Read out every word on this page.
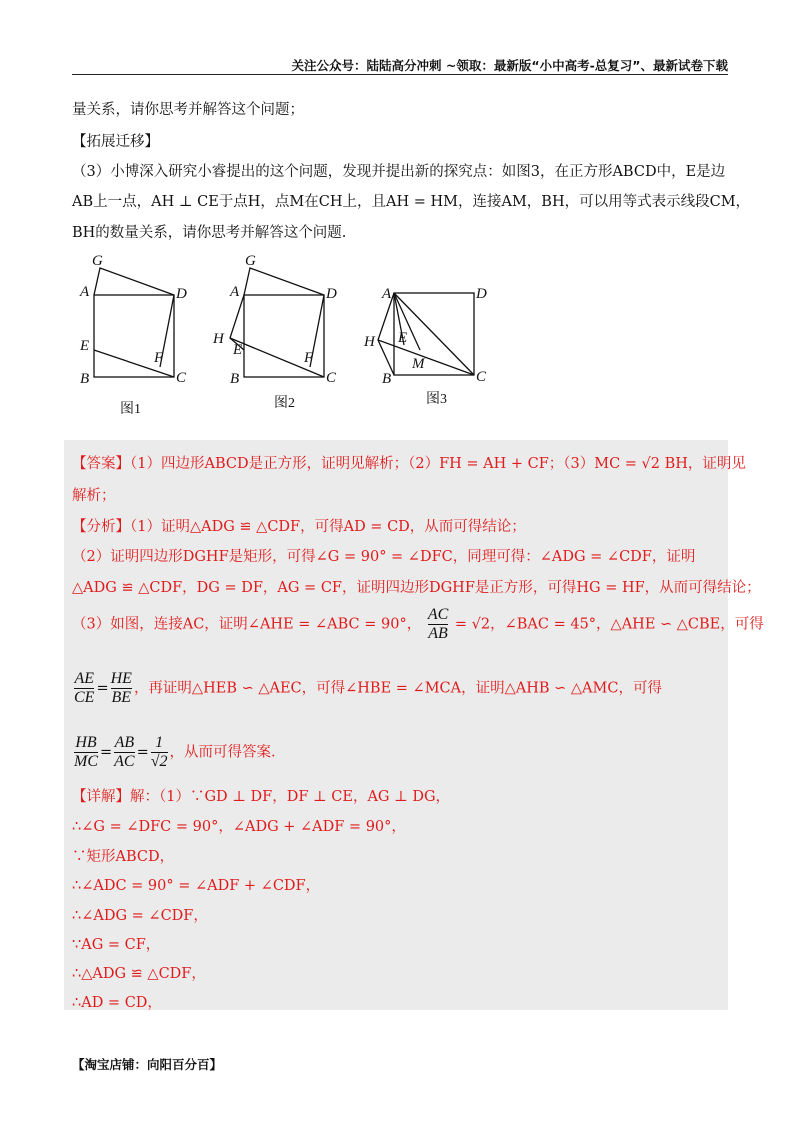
关注公众号：陆陆高分冲刺 ~领取：最新版“小中高考-总复习”、最新试卷下载
量关系，请你思考并解答这个问题；
【拓展迁移】
（3）小博深入研究小睿提出的这个问题，发现并提出新的探究点：如图3，在正方形ABCD中，E是边
AB上一点，AH ⊥ CE于点H，点M在CH上，且AH = HM，连接AM，BH，可以用等式表示线段CM，
BH的数量关系，请你思考并解答这个问题.
G
A	D
E
B	C
F
G
A	D
H
E
B	C
F
A	D
H E
M
B	C
图1	图2	图3
【答案】（1）四边形ABCD是正方形，证明见解析；（2）FH = AH + CF；（3）MC = √2 BH，证明见
解析；
【分析】（1）证明△ADG ≌ △CDF，可得AD = CD，从而可得结论；
（2）证明四边形DGHF是矩形，可得∠G = 90° = ∠DFC，同理可得：∠ADG = ∠CDF，证明
△ADG ≌ △CDF，DG = DF，AG = CF，证明四边形DGHF是正方形，可得HG = HF，从而可得结论；
（3）如图，连接AC，证明∠AHE = ∠ABC = 90°， $\frac{AC}{AB} = √2$，∠BAC = 45°，△AHE ∽ △CBE，可得
$\frac{AE}{CE} = \frac{HE}{BE}$ ，再证明△HEB ∽ △AEC，可得∠HBE = ∠MCA，证明△AHB ∽ △AMC，可得
$\frac{HB}{MC} = \frac{AB}{AC} = \frac{1}{√2}$ ，从而可得答案.
【详解】解：（1）∵GD ⊥ DF，DF ⊥ CE，AG ⊥ DG，
∴∠G = ∠DFC = 90°，∠ADG + ∠ADF = 90°，
∵矩形ABCD，
∴∠ADC = 90° = ∠ADF + ∠CDF，
∴∠ADG = ∠CDF，
∵AG = CF，
∴△ADG ≌ △CDF，
∴AD = CD，
【淘宝店铺：向阳百分百】
